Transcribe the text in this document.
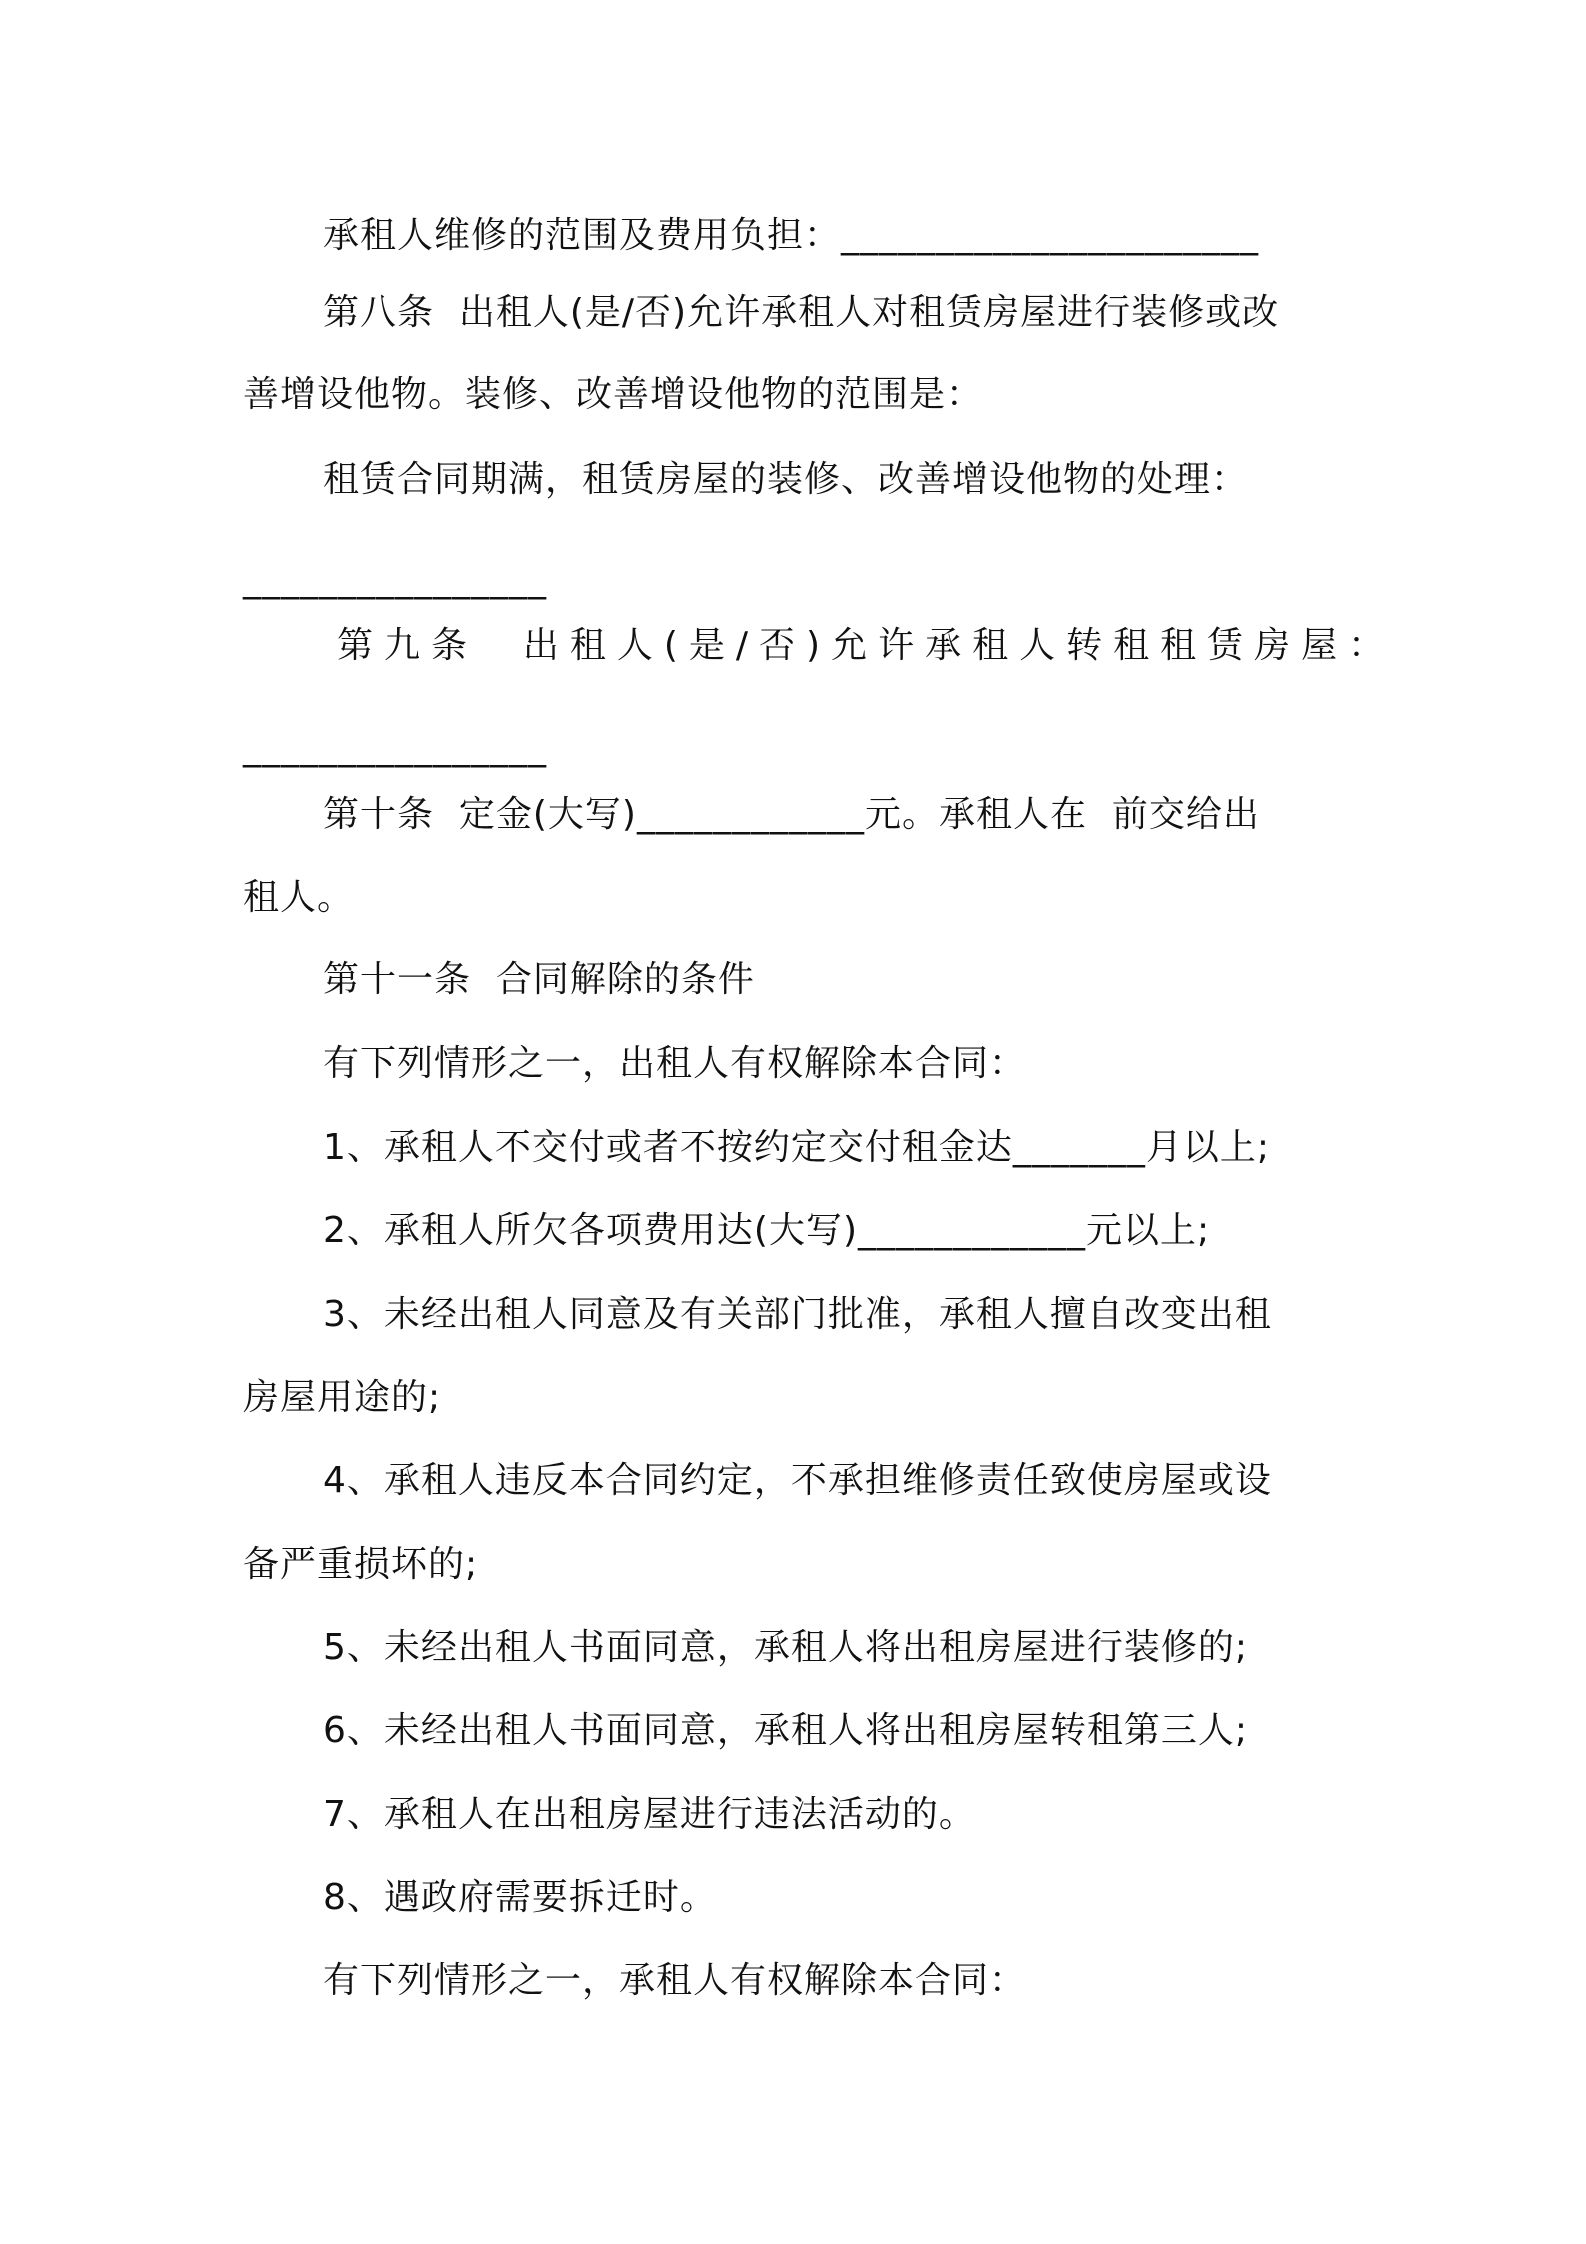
承租人维修的范围及费用负担：______________________
第八条  出租人(是/否)允许承租人对租赁房屋进行装修或改
善增设他物。装修、改善增设他物的范围是：
租赁合同期满，租赁房屋的装修、改善增设他物的处理：
________________
第九条  出租人(是/否)允许承租人转租租赁房屋：
________________
第十条  定金(大写)____________元。承租人在  前交给出
租人。
第十一条  合同解除的条件
有下列情形之一，出租人有权解除本合同：
1、承租人不交付或者不按约定交付租金达_______月以上;
2、承租人所欠各项费用达(大写)____________元以上;
3、未经出租人同意及有关部门批准，承租人擅自改变出租
房屋用途的;
4、承租人违反本合同约定，不承担维修责任致使房屋或设
备严重损坏的;
5、未经出租人书面同意，承租人将出租房屋进行装修的;
6、未经出租人书面同意，承租人将出租房屋转租第三人;
7、承租人在出租房屋进行违法活动的。
8、遇政府需要拆迁时。
有下列情形之一，承租人有权解除本合同：
